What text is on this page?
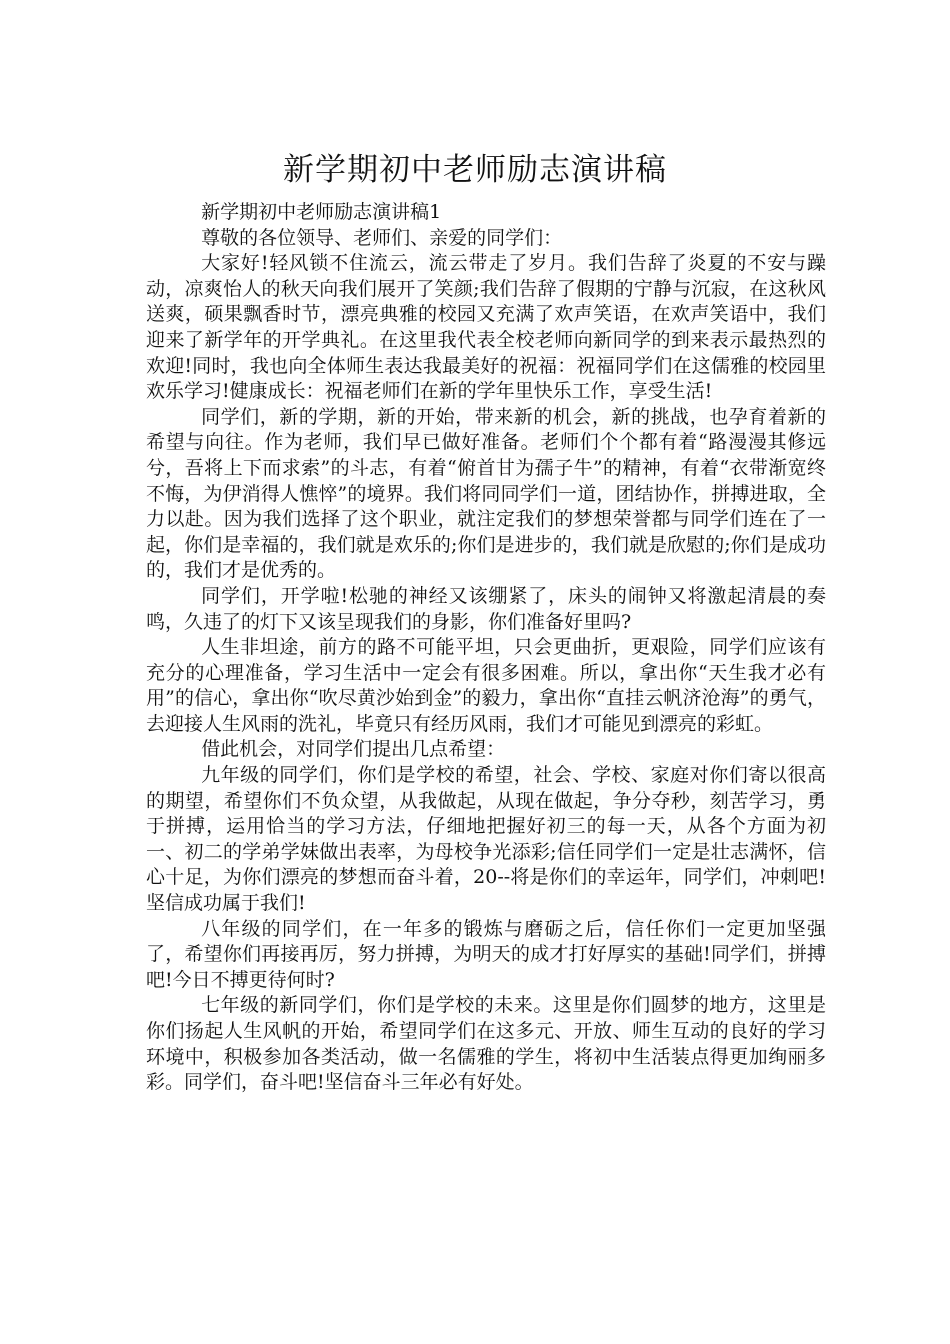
新学期初中老师励志演讲稿

新学期初中老师励志演讲稿1

尊敬的各位领导、老师们、亲爱的同学们：

大家好!轻风锁不住流云，流云带走了岁月。我们告辞了炎夏的不安与躁动，凉爽怡人的秋天向我们展开了笑颜;我们告辞了假期的宁静与沉寂，在这秋风送爽，硕果飘香时节，漂亮典雅的校园又充满了欢声笑语，在欢声笑语中，我们迎来了新学年的开学典礼。在这里我代表全校老师向新同学的到来表示最热烈的欢迎!同时，我也向全体师生表达我最美好的祝福：祝福同学们在这儒雅的校园里欢乐学习!健康成长：祝福老师们在新的学年里快乐工作，享受生活!

同学们，新的学期，新的开始，带来新的机会，新的挑战，也孕育着新的希望与向往。作为老师，我们早已做好准备。老师们个个都有着“路漫漫其修远兮，吾将上下而求索”的斗志，有着“俯首甘为孺子牛”的精神，有着“衣带渐宽终不悔，为伊消得人憔悴”的境界。我们将同同学们一道，团结协作，拼搏进取，全力以赴。因为我们选择了这个职业，就注定我们的梦想荣誉都与同学们连在了一起，你们是幸福的，我们就是欢乐的;你们是进步的，我们就是欣慰的;你们是成功的，我们才是优秀的。

同学们，开学啦!松驰的神经又该绷紧了，床头的闹钟又将激起清晨的奏鸣，久违了的灯下又该呈现我们的身影，你们准备好里吗?

人生非坦途，前方的路不可能平坦，只会更曲折，更艰险，同学们应该有充分的心理准备，学习生活中一定会有很多困难。所以，拿出你“天生我才必有用”的信心，拿出你“吹尽黄沙始到金”的毅力，拿出你“直挂云帆济沧海”的勇气，去迎接人生风雨的洗礼，毕竟只有经历风雨，我们才可能见到漂亮的彩虹。

借此机会，对同学们提出几点希望：

九年级的同学们，你们是学校的希望，社会、学校、家庭对你们寄以很高的期望，希望你们不负众望，从我做起，从现在做起，争分夺秒，刻苦学习，勇于拼搏，运用恰当的学习方法，仔细地把握好初三的每一天，从各个方面为初一、初二的学弟学妹做出表率，为母校争光添彩;信任同学们一定是壮志满怀，信心十足，为你们漂亮的梦想而奋斗着，20--将是你们的幸运年，同学们，冲刺吧!坚信成功属于我们!

八年级的同学们，在一年多的锻炼与磨砺之后，信任你们一定更加坚强了，希望你们再接再厉，努力拼搏，为明天的成才打好厚实的基础!同学们，拼搏吧!今日不搏更待何时?

七年级的新同学们，你们是学校的未来。这里是你们圆梦的地方，这里是你们扬起人生风帆的开始，希望同学们在这多元、开放、师生互动的良好的学习环境中，积极参加各类活动，做一名儒雅的学生，将初中生活装点得更加绚丽多彩。同学们，奋斗吧!坚信奋斗三年必有好处。
